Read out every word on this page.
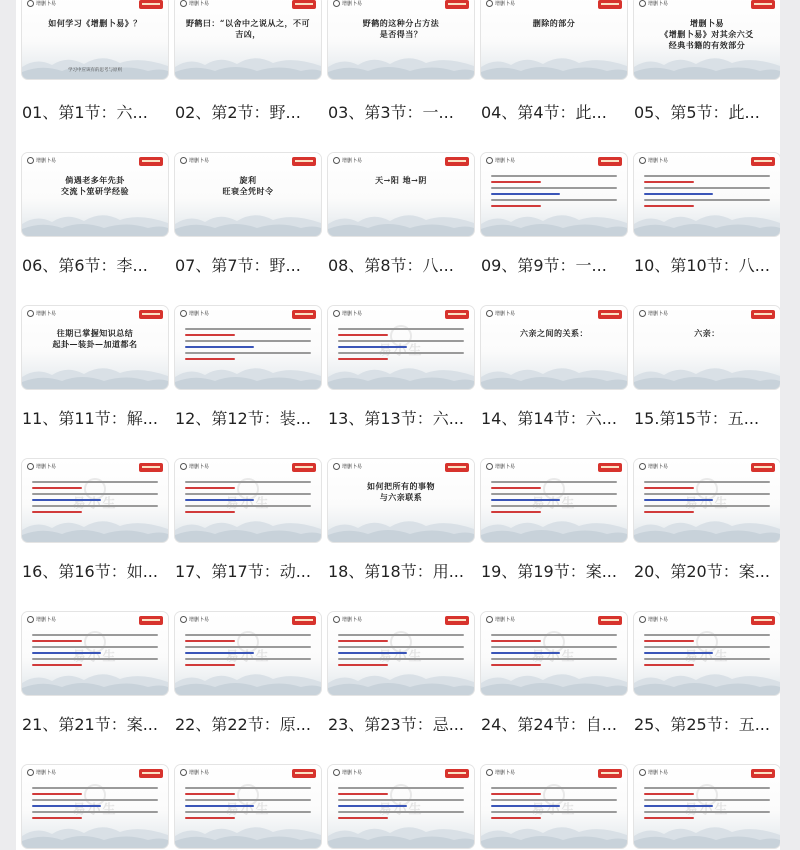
增删卜易
如何学习《增删卜易》？
学习中应该有的思考与原则
01、第1节：六...
增删卜易
野鹤曰：“以舍中之说从之，不可吉凶，
02、第2节：野...
增删卜易
野鹤的这种分占方法
是否得当？
03、第3节：一...
增删卜易
删除的部分
04、第4节：此...
增删卜易
增删卜易
《增删卜易》对其余六爻
经典书籍的有效部分
05、第5节：此...
增删卜易
倘遇老多年先卦
交流卜筮研学经验
06、第6节：李...
增删卜易
旋利
旺衰全凭时令
07、第7节：野...
增删卜易
天→阳 地→阴
08、第8节：八...
增删卜易
09、第9节：一...
增删卜易
10、第10节：八...
增删卜易
往期已掌握知识总结
起卦—装卦—加道都名
11、第11节：解...
增删卜易
12、第12节：装...
增删卜易
13、第13节：六...
增删卜易
六亲之间的关系：
14、第14节：六...
增删卜易
六亲：
15.第15节：五...
增删卜易
16、第16节：如...
增删卜易
17、第17节：动...
增删卜易
如何把所有的事物
与六亲联系
18、第18节：用...
增删卜易
19、第19节：案...
增删卜易
20、第20节：案...
增删卜易
21、第21节：案...
增删卜易
22、第22节：原...
增删卜易
23、第23节：忌...
增删卜易
24、第24节：自...
增删卜易
25、第25节：五...
增删卜易	增删卜易	增删卜易	增删卜易	增删卜易
